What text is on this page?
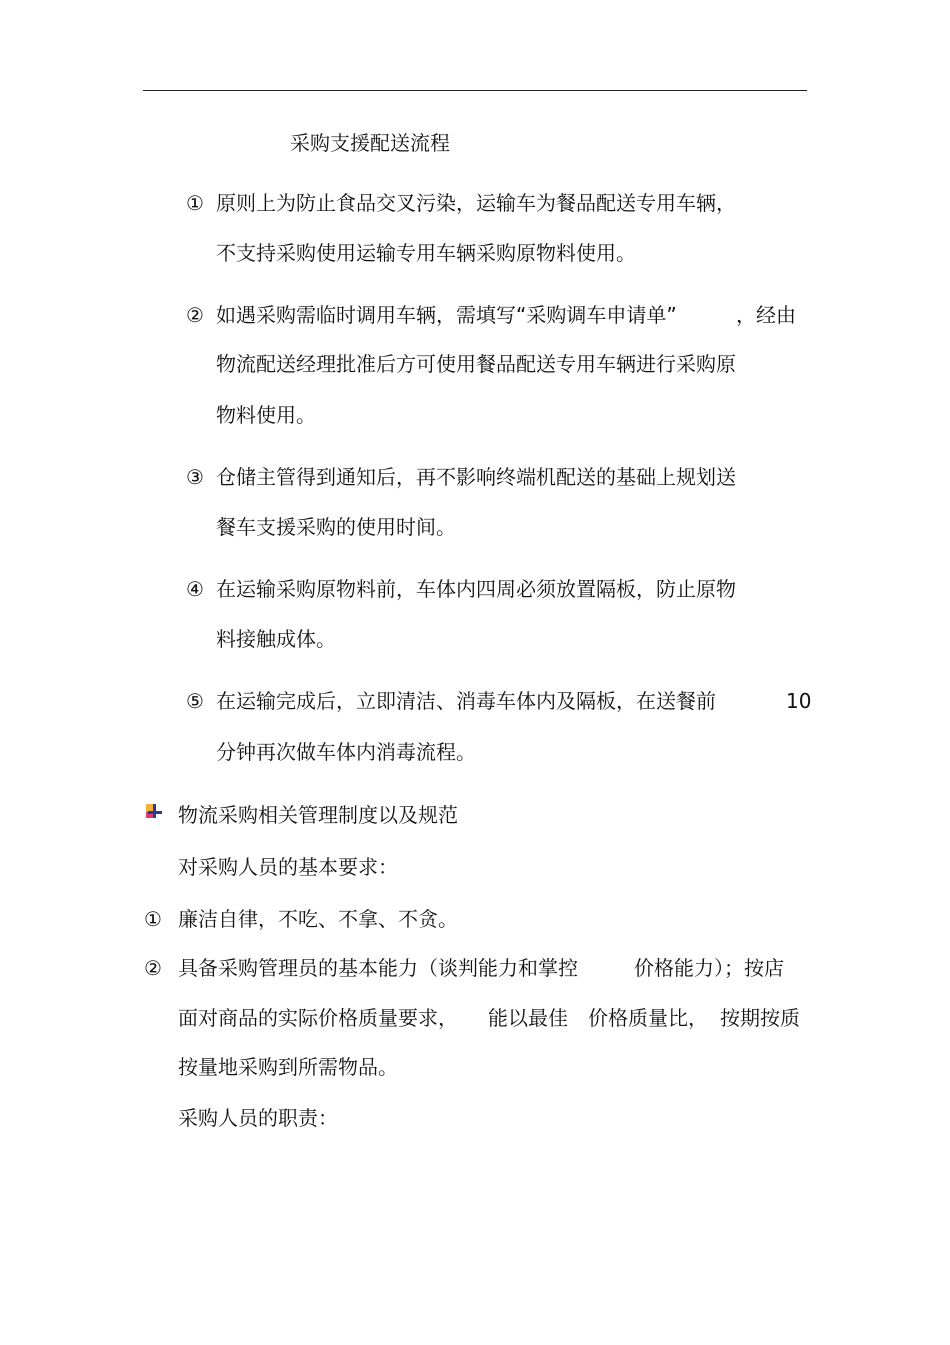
采购支援配送流程
① 原则上为防止食品交叉污染，运输车为餐品配送专用车辆，
不支持采购使用运输专用车辆采购原物料使用。
② 如遇采购需临时调用车辆，需填写“采购调车申请单”	，经由
物流配送经理批准后方可使用餐品配送专用车辆进行采购原
物料使用。
③ 仓储主管得到通知后，再不影响终端机配送的基础上规划送
餐车支援采购的使用时间。
④ 在运输采购原物料前，车体内四周必须放置隔板，防止原物
料接触成体。
⑤ 在运输完成后，立即清洁、消毒车体内及隔板，在送餐前	10
分钟再次做车体内消毒流程。
物流采购相关管理制度以及规范
对采购人员的基本要求：
① 廉洁自律，不吃、不拿、不贪。
② 具备采购管理员的基本能力（谈判能力和掌控	价格能力）；按店
面对商品的实际价格质量要求， 能以最佳 价格质量比， 按期按质
按量地采购到所需物品。
采购人员的职责：
